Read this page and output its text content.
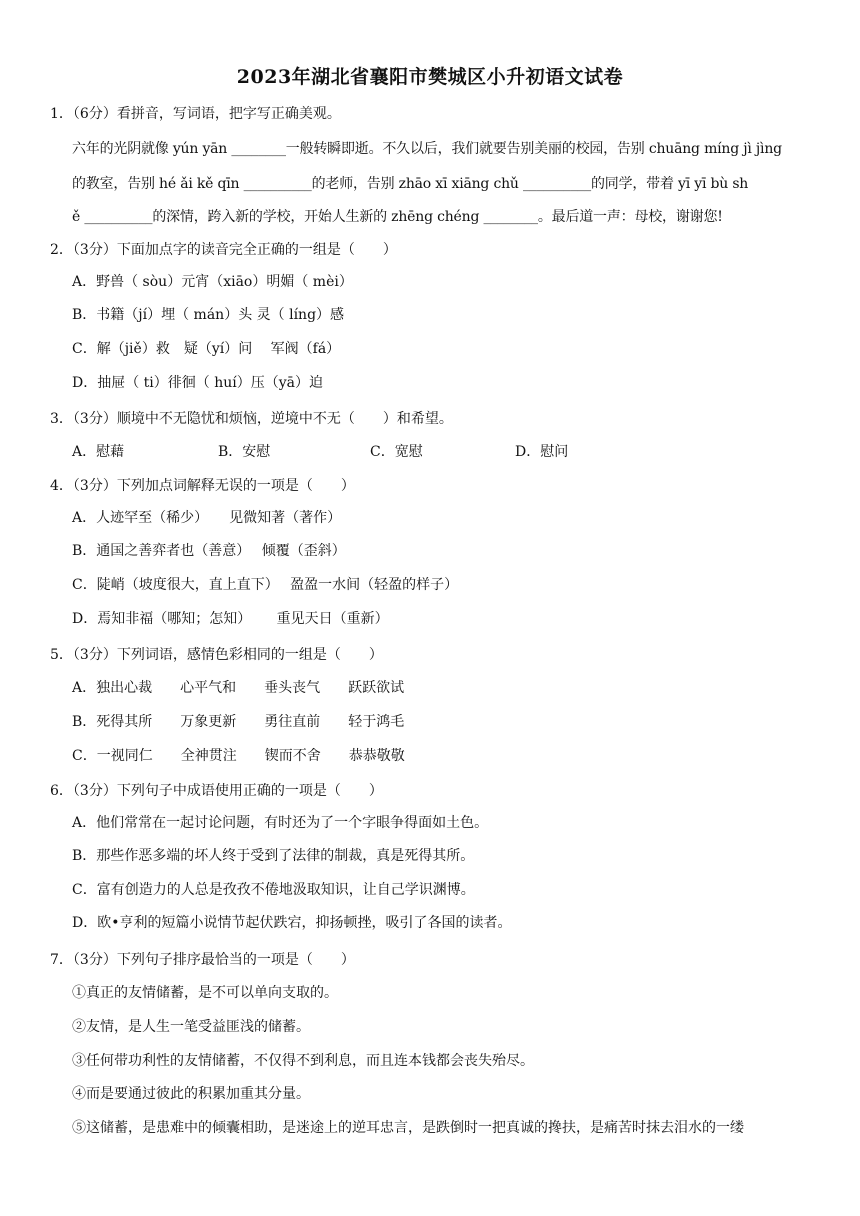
2023年湖北省襄阳市樊城区小升初语文试卷
1．（6分）看拼音，写词语，把字写正确美观。
六年的光阴就像 yún yān ________一般转瞬即逝。不久以后，我们就要告别美丽的校园，告别 chuāng míng jì jìng
的教室，告别 hé ǎi kě qīn __________的老师，告别 zhāo xī xiāng chǔ __________的同学，带着 yī yī bù sh
ě __________的深情，跨入新的学校，开始人生新的 zhēng chéng ________。最后道一声：母校，谢谢您!
2．（3分）下面加点字的读音完全正确的一组是（　　）
A．野兽（ sòu）元宵（xiāo）明媚（ mèi）
B．书籍（jí）埋（ mán）头 灵（ líng）感
C．解（jiě）救　疑（yí）问　 军阀（fá）
D．抽屉（ ti）徘徊（ huí）压（yā）迫
3．（3分）顺境中不无隐忧和烦恼，逆境中不无（　　）和希望。
A．慰藉	B．安慰	C．宽慰	D．慰问
4．（3分）下列加点词解释无误的一项是（　　）
A．人迹罕至（稀少）　　见微知著（著作）
B．通国之善弈者也（善意）　 倾覆（歪斜）
C．陡峭（坡度很大，直上直下）　 盈盈一水间（轻盈的样子）
D．焉知非福（哪知；怎知）　　 重见天日（重新）
5．（3分）下列词语，感情色彩相同的一组是（　　）
A．独出心裁　　心平气和　　垂头丧气　　跃跃欲试
B．死得其所　　万象更新　　勇往直前　　轻于鸿毛
C．一视同仁　　全神贯注　　锲而不舍　　恭恭敬敬
6．（3分）下列句子中成语使用正确的一项是（　　）
A．他们常常在一起讨论问题，有时还为了一个字眼争得面如土色。
B．那些作恶多端的坏人终于受到了法律的制裁，真是死得其所。
C．富有创造力的人总是孜孜不倦地汲取知识，让自己学识渊博。
D．欧•亨利的短篇小说情节起伏跌宕，抑扬顿挫，吸引了各国的读者。
7．（3分）下列句子排序最恰当的一项是（　　）
①真正的友情储蓄，是不可以单向支取的。
②友情，是人生一笔受益匪浅的储蓄。
③任何带功利性的友情储蓄，不仅得不到利息，而且连本钱都会丧失殆尽。
④而是要通过彼此的积累加重其分量。
⑤这储蓄，是患难中的倾囊相助，是迷途上的逆耳忠言，是跌倒时一把真诚的搀扶，是痛苦时抹去泪水的一缕
